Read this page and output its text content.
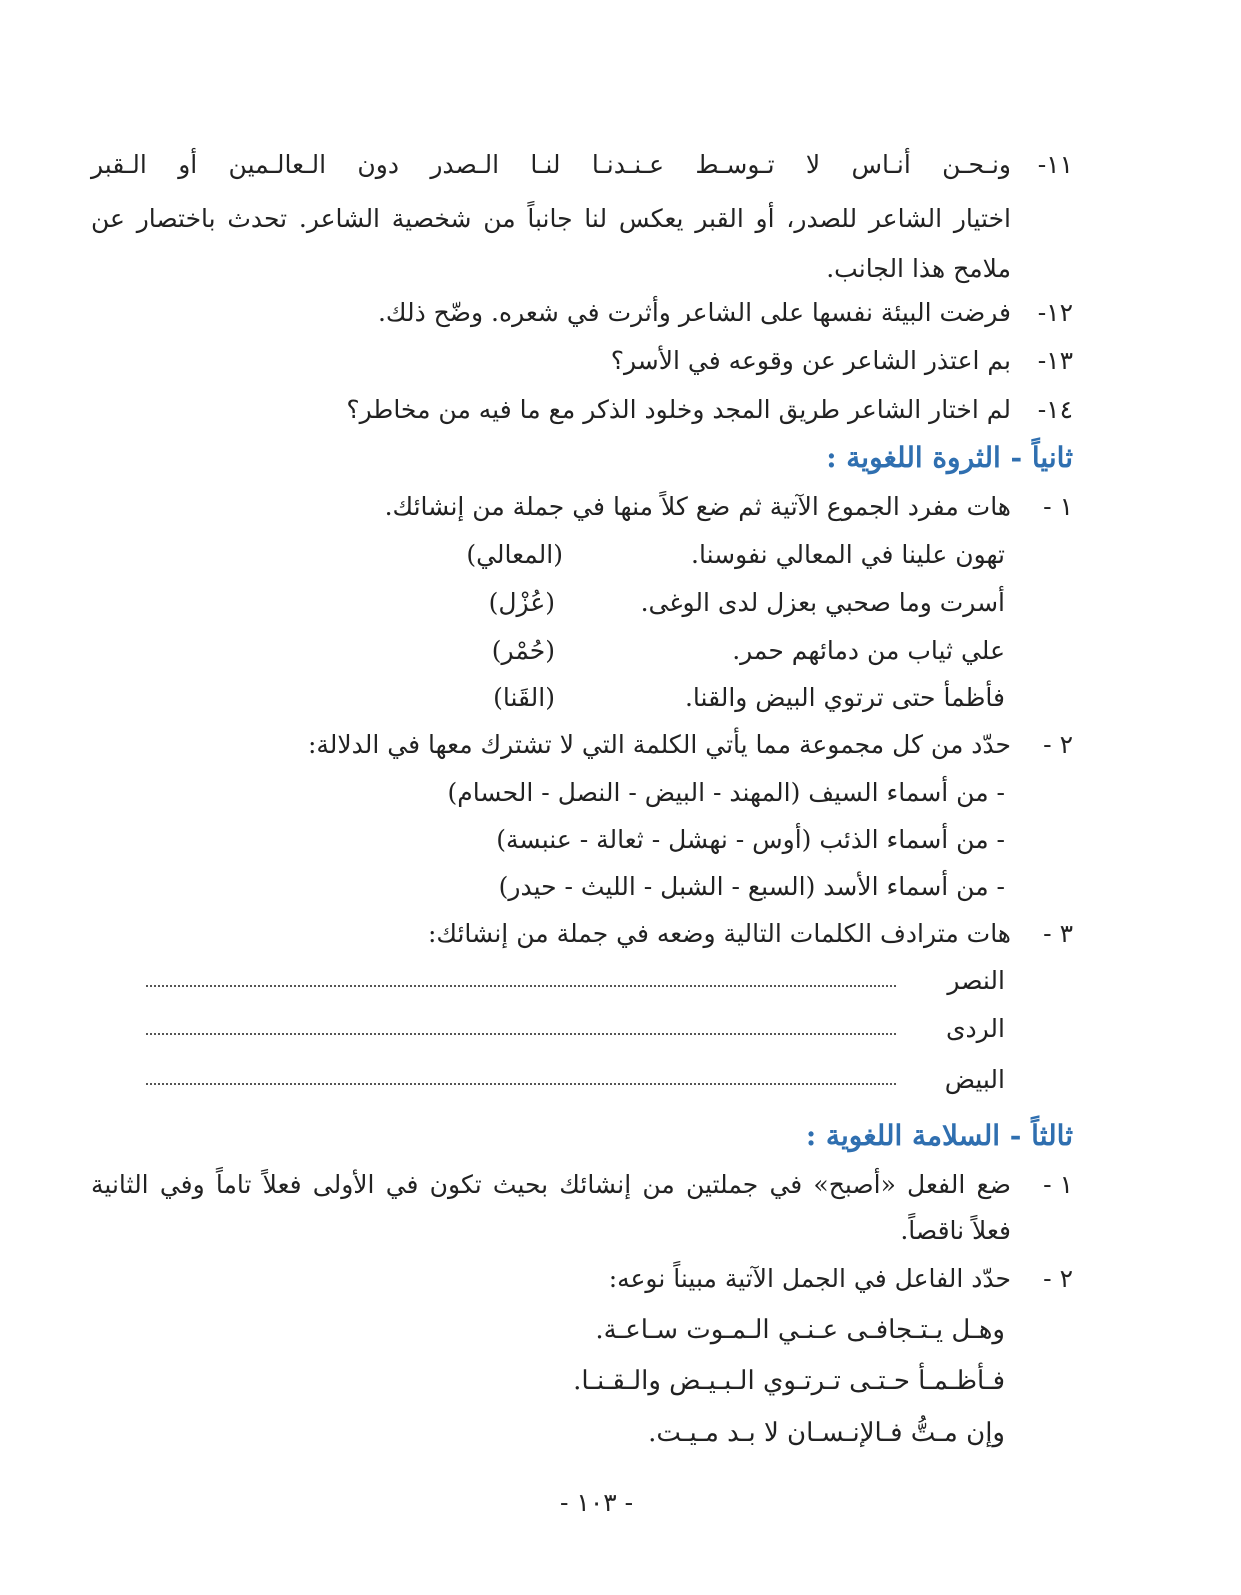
١١-
ونـحـن أنـاس لا تـوسـط عـنـدنـا لنـا الـصدر دون الـعالـمين أو الـقبر
اختيار الشاعر للصدر، أو القبر يعكس لنا جانباً من شخصية الشاعر. تحدث باختصار عن
ملامح هذا الجانب.
١٢-
فرضت البيئة نفسها على الشاعر وأثرت في شعره. وضّح ذلك.
١٣-
بم اعتذر الشاعر عن وقوعه في الأسر؟
١٤-
لم اختار الشاعر طريق المجد وخلود الذكر مع ما فيه من مخاطر؟
ثانياً - الثروة اللغوية :
١ -
هات مفرد الجموع الآتية ثم ضع كلاً منها في جملة من إنشائك.
تهون علينا في المعالي نفوسنا.
(المعالي)
أسرت وما صحبي بعزل لدى الوغى.
(عُزْل)
علي ثياب من دمائهم حمر.
(حُمْر)
فأظمأ حتى ترتوي البيض والقنا.
(القَنا)
٢ -
حدّد من كل مجموعة مما يأتي الكلمة التي لا تشترك معها في الدلالة:
- من أسماء السيف (المهند - البيض - النصل - الحسام)
- من أسماء الذئب (أوس - نهشل - ثعالة - عنبسة)
- من أسماء الأسد (السبع - الشبل - الليث - حيدر)
٣ -
هات مترادف الكلمات التالية وضعه في جملة من إنشائك:
النصر
الردى
البيض
ثالثاً - السلامة اللغوية :
١ -
ضع الفعل «أصبح» في جملتين من إنشائك بحيث تكون في الأولى فعلاً تاماً وفي الثانية
فعلاً ناقصاً.
٢ -
حدّد الفاعل في الجمل الآتية مبيناً نوعه:
وهـل يـتـجافـى عـنـي الـمـوت سـاعـة.
فـأظـمـأ حـتـى تـرتـوي الـبـيـض والـقـنـا.
وإن مـتُّ فـالإنـسـان لا بـد مـيـت.
- ١٠٣ -
